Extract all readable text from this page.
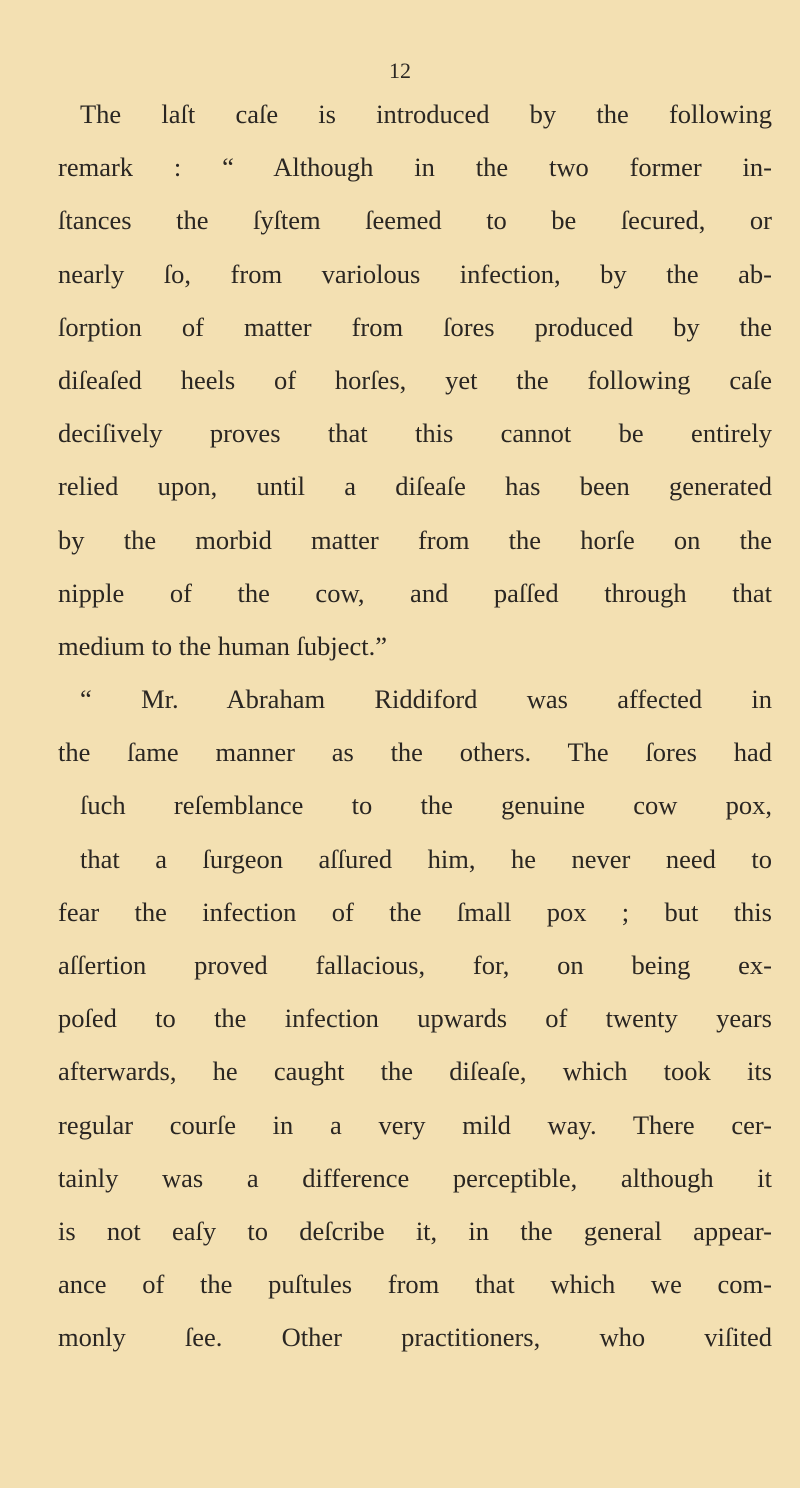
12
The laſt caſe is introduced by the following
remark : “ Although in the two former in-
ſtances the ſyſtem ſeemed to be ſecured, or
nearly ſo, from variolous infection, by the ab-
ſorption of matter from ſores produced by the
diſeaſed heels of horſes, yet the following caſe
deciſively proves that this cannot be entirely
relied upon, until a diſeaſe has been generated
by the morbid matter from the horſe on the
nipple of the cow, and paſſed through that
medium to the human ſubject.”
“ Mr. Abraham Riddiford was affected in
the ſame manner as the others. The ſores had
ſuch reſemblance to the genuine cow pox,
that a ſurgeon aſſured him, he never need to
fear the infection of the ſmall pox ; but this
aſſertion proved fallacious, for, on being ex-
poſed to the infection upwards of twenty years
afterwards, he caught the diſeaſe, which took its
regular courſe in a very mild way. There cer-
tainly was a difference perceptible, although it
is not eaſy to deſcribe it, in the general appear-
ance of the puſtules from that which we com-
monly ſee. Other practitioners, who viſited
